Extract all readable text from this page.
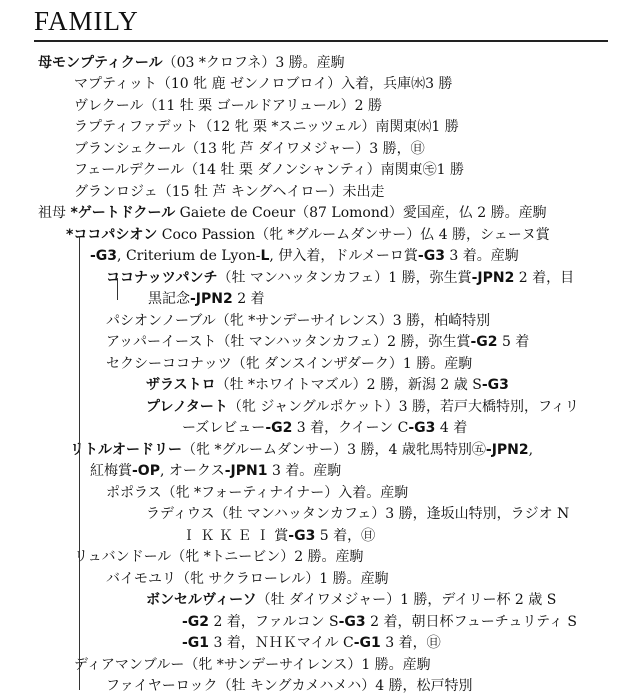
FAMILY
母モンプティクール（03 *クロフネ）3 勝。産駒
マプティット（10 牝 鹿 ゼンノロブロイ）入着，兵庫㈬3 勝
ヴレクール（11 牡 栗 ゴールドアリュール）2 勝
ラプティファデット（12 牝 栗 *スニッツェル）南関東㈬1 勝
ブランシェクール（13 牝 芦 ダイワメジャー）3 勝，㊐
フェールデクール（14 牡 栗 ダノンシャンティ）南関東㋲1 勝
グランロジェ（15 牡 芦 キングヘイロー）未出走
祖母 *ゲートドクール Gaiete de Coeur（87 Lomond）愛国産，仏 2 勝。産駒
*ココパシオン Coco Passion（牝 *グルームダンサー）仏 4 勝，シェーヌ賞
-G3, Criterium de Lyon-L, 伊入着，ドルメーロ賞-G3 3 着。産駒
ココナッツパンチ（牡 マンハッタンカフェ）1 勝，弥生賞-JPN2 2 着，目
黒記念-JPN2 2 着
パシオンノーブル（牝 *サンデーサイレンス）3 勝，柏崎特別
アッパーイースト（牡 マンハッタンカフェ）2 勝，弥生賞-G2 5 着
セクシーココナッツ（牝 ダンスインザダーク）1 勝。産駒
ザラストロ（牡 *ホワイトマズル）2 勝，新潟 2 歳 S-G3
プレノタート（牝 ジャングルポケット）3 勝，若戸大橋特別，フィリ
ーズレビュー-G2 3 着，クイーン C-G3 4 着
リトルオードリー（牝 *グルームダンサー）3 勝，4 歳牝馬特別㊄-JPN2,
紅梅賞-OP, オークス-JPN1 3 着。産駒
ポポラス（牝 *フォーティナイナー）入着。産駒
ラディウス（牡 マンハッタンカフェ）3 勝，逢坂山特別，ラジオ N
Ｉ Ｋ Ｋ Ｅ Ｉ 賞-G3 5 着，㊐
リュバンドール（牝 *トニービン）2 勝。産駒
バイモユリ（牝 サクラローレル）1 勝。産駒
ボンセルヴィーソ（牡 ダイワメジャー）1 勝，デイリー杯 2 歳 S
-G2 2 着，ファルコン S-G3 2 着，朝日杯フューチュリティ S
-G1 3 着，ＮＨＫマイル C-G1 3 着，㊐
ディアマンブルー（牝 *サンデーサイレンス）1 勝。産駒
ファイヤーロック（牡 キングカメハメハ）4 勝，松戸特別
